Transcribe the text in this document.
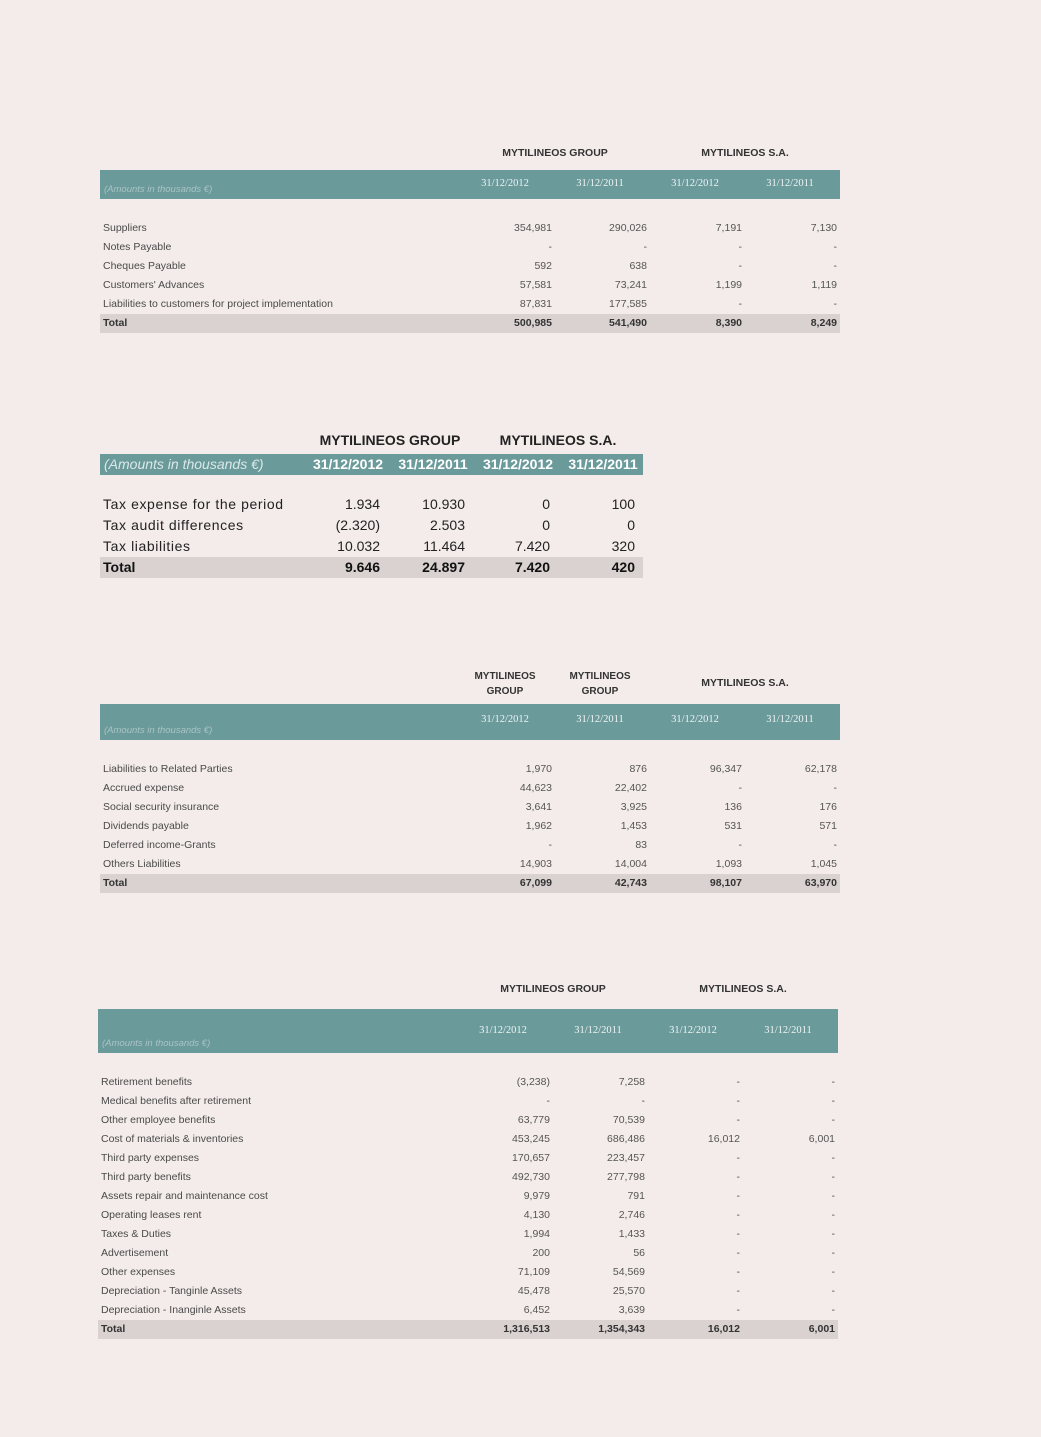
MYTILINEOS GROUP	MYTILINEOS S.A.
(Amounts in thousands €)
31/12/2012	31/12/2011	31/12/2012	31/12/2011
Suppliers	354,981	290,026	7,191	7,130
Notes Payable	-	-	-	-
Cheques Payable	592	638	-	-
Customers' Advances	57,581	73,241	1,199	1,119
Liabilities to customers for project implementation	87,831	177,585	-	-
Total	500,985	541,490	8,390	8,249
MYTILINEOS GROUP	MYTILINEOS S.A.
(Amounts in thousands €)	31/12/2012	31/12/2011	31/12/2012	31/12/2011
Tax expense for the period	1.934	10.930	0	100
Tax audit differences	(2.320)	2.503	0	0
Tax liabilities	10.032	11.464	7.420	320
Total	9.646	24.897	7.420	420
MYTILINEOS
GROUP
MYTILINEOS
GROUP
MYTILINEOS S.A.
(Amounts in thousands €)
31/12/2012	31/12/2011	31/12/2012	31/12/2011
Liabilities to Related Parties	1,970	876	96,347	62,178
Accrued expense	44,623	22,402	-	-
Social security insurance	3,641	3,925	136	176
Dividends payable	1,962	1,453	531	571
Deferred income-Grants	-	83	-	-
Others Liabilities	14,903	14,004	1,093	1,045
Total	67,099	42,743	98,107	63,970
MYTILINEOS GROUP	MYTILINEOS S.A.
(Amounts in thousands €)
31/12/2012	31/12/2011	31/12/2012	31/12/2011
Retirement benefits	(3,238)	7,258	-	-
Medical benefits after retirement	-	-	-	-
Other employee benefits	63,779	70,539	-	-
Cost of materials & inventories	453,245	686,486	16,012	6,001
Third party expenses	170,657	223,457	-	-
Third party benefits	492,730	277,798	-	-
Assets repair and maintenance cost	9,979	791	-	-
Operating leases rent	4,130	2,746	-	-
Taxes & Duties	1,994	1,433	-	-
Advertisement	200	56	-	-
Other expenses	71,109	54,569	-	-
Depreciation - Tanginle Assets	45,478	25,570	-	-
Depreciation - Inanginle Assets	6,452	3,639	-	-
Total	1,316,513	1,354,343	16,012	6,001
